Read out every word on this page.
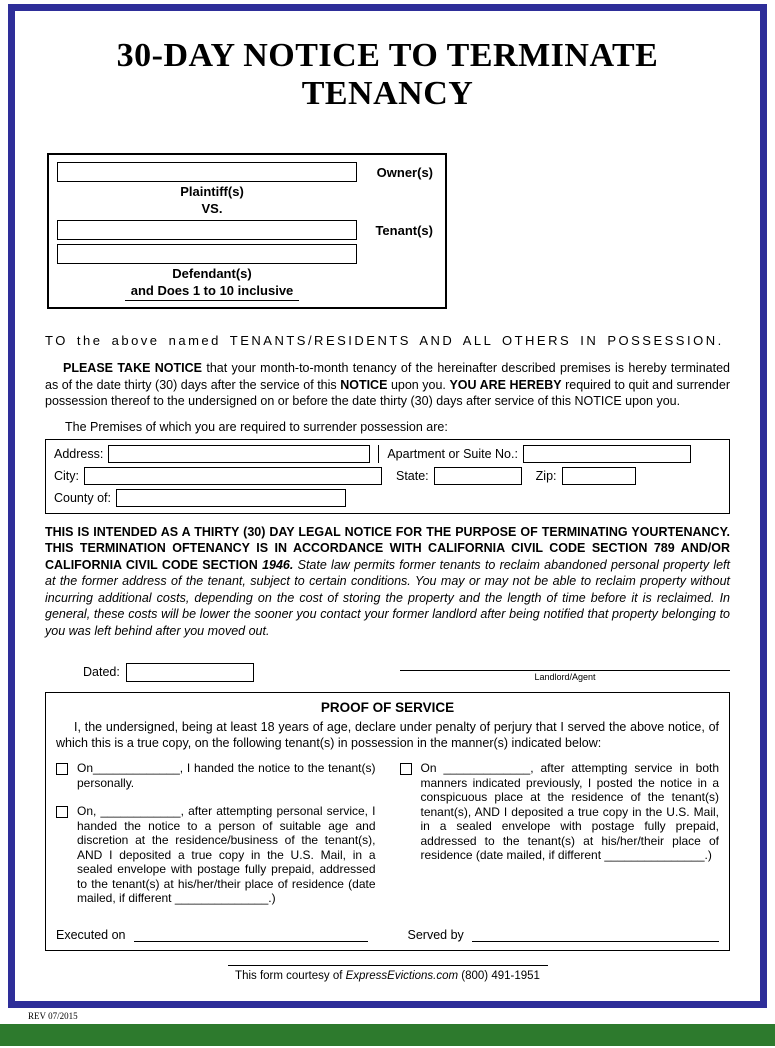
30-DAY NOTICE TO TERMINATE TENANCY
Owner(s)
Plaintiff(s)
VS.
Tenant(s)
Defendant(s)
and Does 1 to 10 inclusive
TO the above named TENANTS/RESIDENTS AND ALL OTHERS IN POSSESSION.

PLEASE TAKE NOTICE that your month-to-month tenancy of the hereinafter described premises is hereby terminated as of the date thirty (30) days after the service of this NOTICE upon you. YOU ARE HEREBY required to quit and surrender possession thereof to the undersigned on or before the date thirty (30) days after service of this NOTICE upon you.

The Premises of which you are required to surrender possession are:

Address:	Apartment or Suite No.:
City:	State:	Zip:
County of:

THIS IS INTENDED AS A THIRTY (30) DAY LEGAL NOTICE FOR THE PURPOSE OF TERMINATING YOURTENANCY. THIS TERMINATION OFTENANCY IS IN ACCORDANCE WITH CALIFORNIA CIVIL CODE SECTION 789 AND/OR CALIFORNIA CIVIL CODE SECTION 1946. State law permits former tenants to reclaim abandoned personal property left at the former address of the tenant, subject to certain conditions. You may or may not be able to reclaim property without incurring additional costs, depending on the cost of storing the property and the length of time before it is reclaimed. In general, these costs will be lower the sooner you contact your former landlord after being notified that property belonging to you was left behind after you moved out.

Dated:	Landlord/Agent
PROOF OF SERVICE

I, the undersigned, being at least 18 years of age, declare under penalty of perjury that I served the above notice, of which this is a true copy, on the following tenant(s) in possession in the manner(s) indicated below:

On_____________, I handed the notice to the tenant(s) personally.

On, ____________, after attempting personal service, I handed the notice to a person of suitable age and discretion at the residence/business of the tenant(s), AND I deposited a true copy in the U.S. Mail, in a sealed envelope with postage fully prepaid, addressed to the tenant(s) at his/her/their place of residence (date mailed, if different ______________.)

On _____________, after attempting service in both manners indicated previously, I posted the notice in a conspicuous place at the residence of the tenant(s) tenant(s), AND I deposited a true copy in the U.S. Mail, in a sealed envelope with postage fully prepaid, addressed to the tenant(s) at his/her/their place of residence (date mailed, if different _______________.)

Executed on	Served by
This form courtesy of ExpressEvictions.com (800) 491-1951
REV 07/2015
